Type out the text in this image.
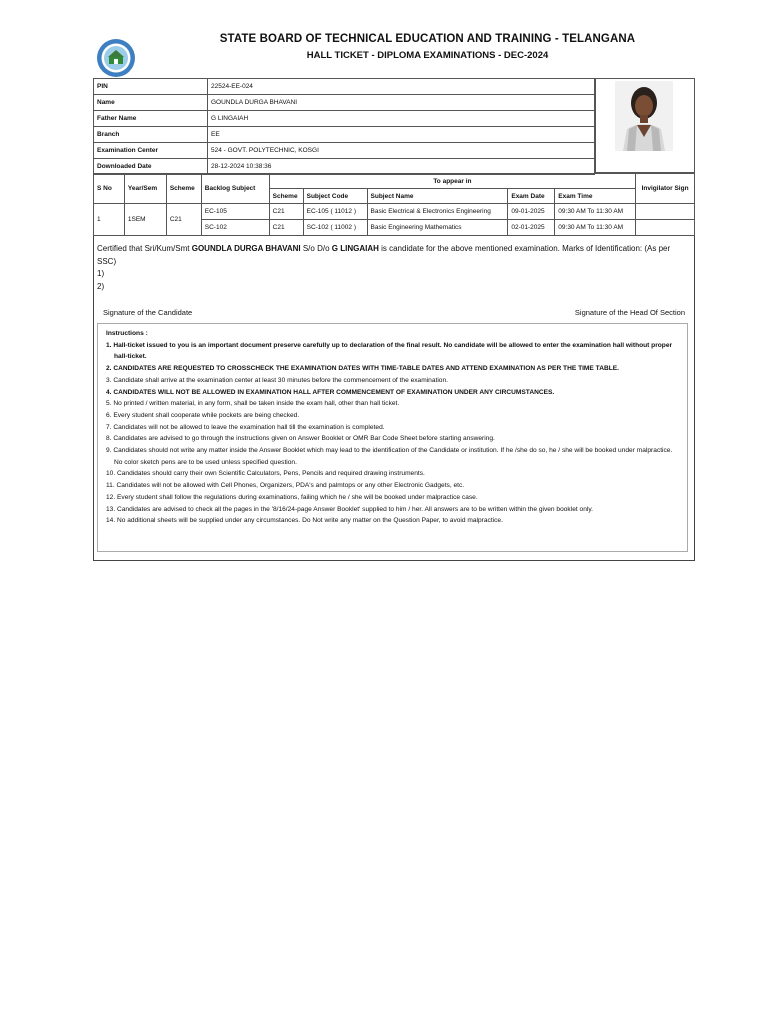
STATE BOARD OF TECHNICAL EDUCATION AND TRAINING - TELANGANA
HALL TICKET - DIPLOMA EXAMINATIONS - DEC-2024
PIN	22524-EE-024
Name	GOUNDLA DURGA BHAVANI
Father Name	G LINGAIAH
Branch	EE
Examination Center	524 - GOVT. POLYTECHNIC, KOSGI
Downloaded Date	28-12-2024 10:38:36
S No	Year/Sem	Scheme	Backlog Subject	To appear in					Invigilator Sign
				Scheme	Subject Code	Subject Name	Exam Date	Exam Time	
1	1SEM	C21	EC-105	C21	EC-105 ( 11012 )	Basic Electrical & Electronics Engineering	09-01-2025	09:30 AM To 11:30 AM	
			SC-102	C21	SC-102 ( 11002 )	Basic Engineering Mathematics	02-01-2025	09:30 AM To 11:30 AM	
Certified that Sri/Kum/Smt GOUNDLA DURGA BHAVANI S/o D/o G LINGAIAH is candidate for the above mentioned examination. Marks of Identification: (As per SSC)
1)
2)
Signature of the Candidate	Signature of the Head Of Section
Instructions :
1. Hall-ticket issued to you is an important document preserve carefully up to declaration of the final result. No candidate will be allowed to enter the examination hall without proper hall-ticket.
2. CANDIDATES ARE REQUESTED TO CROSSCHECK THE EXAMINATION DATES WITH TIME-TABLE DATES AND ATTEND EXAMINATION AS PER THE TIME TABLE.
3. Candidate shall arrive at the examination center at least 30 minutes before the commencement of the examination.
4. CANDIDATES WILL NOT BE ALLOWED IN EXAMINATION HALL AFTER COMMENCEMENT OF EXAMINATION UNDER ANY CIRCUMSTANCES.
5. No printed / written material, in any form, shall be taken inside the exam hall, other than hall ticket.
6. Every student shall cooperate while pockets are being checked.
7. Candidates will not be allowed to leave the examination hall till the examination is completed.
8. Candidates are advised to go through the instructions given on Answer Booklet or OMR Bar Code Sheet before starting answering.
9. Candidates should not write any matter inside the Answer Booklet which may lead to the identification of the Candidate or institution. If he /she do so, he / she will be booked under malpractice. No color sketch pens are to be used unless specified question.
10. Candidates should carry their own Scientific Calculators, Pens, Pencils and required drawing instruments.
11. Candidates will not be allowed with Cell Phones, Organizers, PDA's and palmtops or any other Electronic Gadgets, etc.
12. Every student shall follow the regulations during examinations, failing which he / she will be booked under malpractice case.
13. Candidates are advised to check all the pages in the '8/16/24-page Answer Booklet' supplied to him / her. All answers are to be written within the given booklet only.
14. No additional sheets will be supplied under any circumstances. Do Not write any matter on the Question Paper, to avoid malpractice.
